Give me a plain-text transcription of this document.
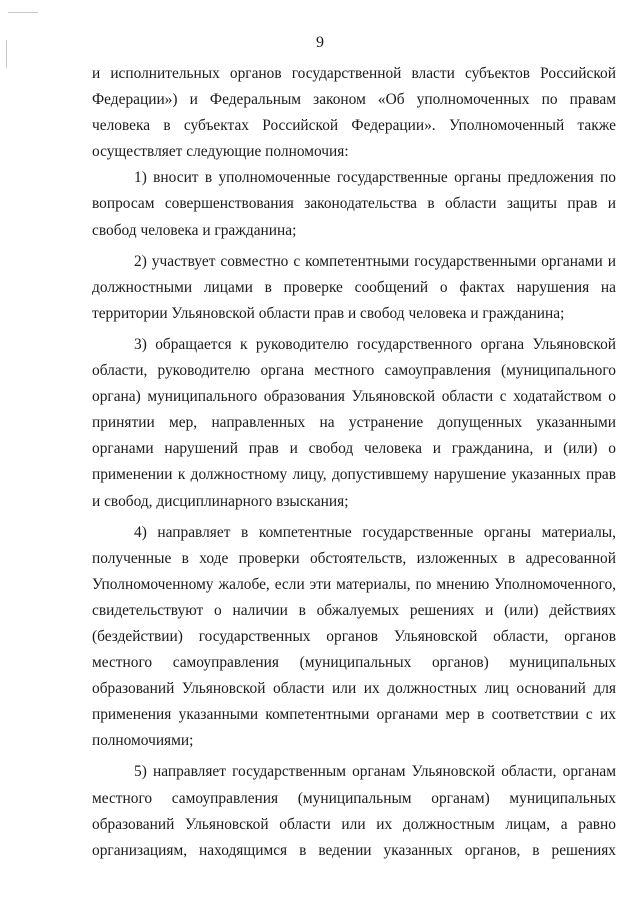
9

и исполнительных органов государственной власти субъектов Российской Федерации») и Федеральным законом «Об уполномоченных по правам человека в субъектах Российской Федерации». Уполномоченный также осуществляет следующие полномочия:

1) вносит в уполномоченные государственные органы предложения по вопросам совершенствования законодательства в области защиты прав и свобод человека и гражданина;

2) участвует совместно с компетентными государственными органами и должностными лицами в проверке сообщений о фактах нарушения на территории Ульяновской области прав и свобод человека и гражданина;

3) обращается к руководителю государственного органа Ульяновской области, руководителю органа местного самоуправления (муниципального органа) муниципального образования Ульяновской области с ходатайством о принятии мер, направленных на устранение допущенных указанными органами нарушений прав и свобод человека и гражданина, и (или) о применении к должностному лицу, допустившему нарушение указанных прав и свобод, дисциплинарного взыскания;

4) направляет в компетентные государственные органы материалы, полученные в ходе проверки обстоятельств, изложенных в адресованной Уполномоченному жалобе, если эти материалы, по мнению Уполномоченного, свидетельствуют о наличии в обжалуемых решениях и (или) действиях (бездействии) государственных органов Ульяновской области, органов местного самоуправления (муниципальных органов) муниципальных образований Ульяновской области или их должностных лиц оснований для применения указанными компетентными органами мер в соответствии с их полномочиями;

5) направляет государственным органам Ульяновской области, органам местного самоуправления (муниципальным органам) муниципальных образований Ульяновской области или их должностным лицам, а равно организациям, находящимся в ведении указанных органов, в решениях
